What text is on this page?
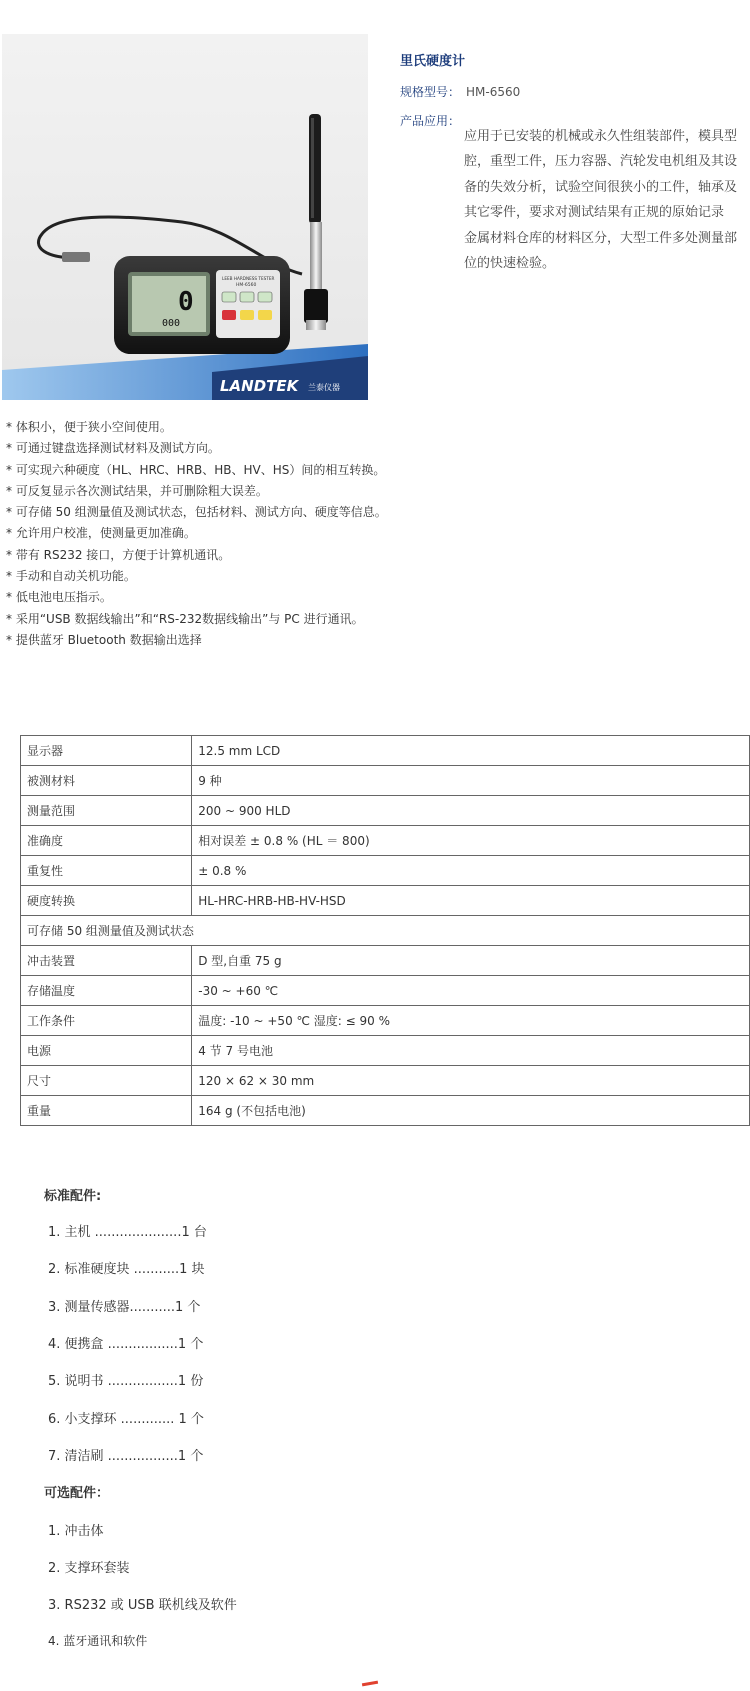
LANDTEK 兰泰仪器
0
000
LEEB HARDNESS TESTER
HM-6560
里氏硬度计
规格型号： HM-6560
产品应用：
应用于已安装的机械或永久性组装部件，模具型
腔，重型工件，压力容器、汽轮发电机组及其设
备的失效分析，试验空间很狭小的工件，轴承及
其它零件，要求对测试结果有正规的原始记录
金属材料仓库的材料区分，大型工件多处测量部
位的快速检验。
* 体积小，便于狭小空间使用。
* 可通过键盘选择测试材料及测试方向。
* 可实现六种硬度（HL、HRC、HRB、HB、HV、HS）间的相互转换。
* 可反复显示各次测试结果，并可删除粗大误差。
* 可存储 50 组测量值及测试状态，包括材料、测试方向、硬度等信息。
* 允许用户校准，使测量更加准确。
* 带有 RS232 接口，方便于计算机通讯。
* 手动和自动关机功能。
* 低电池电压指示。
* 采用“USB 数据线输出”和“RS-232数据线输出”与 PC 进行通讯。
* 提供蓝牙 Bluetooth 数据输出选择
显示器	12.5 mm LCD
被测材料	9 种
测量范围	200 ~ 900 HLD
准确度	相对误差 ± 0.8 % (HL ＝ 800)
重复性	± 0.8 %
硬度转换	HL-HRC-HRB-HB-HV-HSD
可存储 50 组测量值及测试状态	
冲击装置	D 型,自重 75 g
存储温度	-30 ~ +60 ℃
工作条件	温度: -10 ~ +50 ℃ 湿度: ≤ 90 %
电源	4 节 7 号电池
尺寸	120 × 62 × 30 mm
重量	164 g (不包括电池)
标准配件:
1. 主机 .....................1 台
2. 标准硬度块 ...........1 块
3. 测量传感器...........1 个
4. 便携盒 .................1 个
5. 说明书 .................1 份
6. 小支撑环 ............. 1 个
7. 清洁刷 .................1 个
可选配件：
1. 冲击体
2. 支撑环套装
3. RS232 或 USB 联机线及软件
4. 蓝牙通讯和软件
